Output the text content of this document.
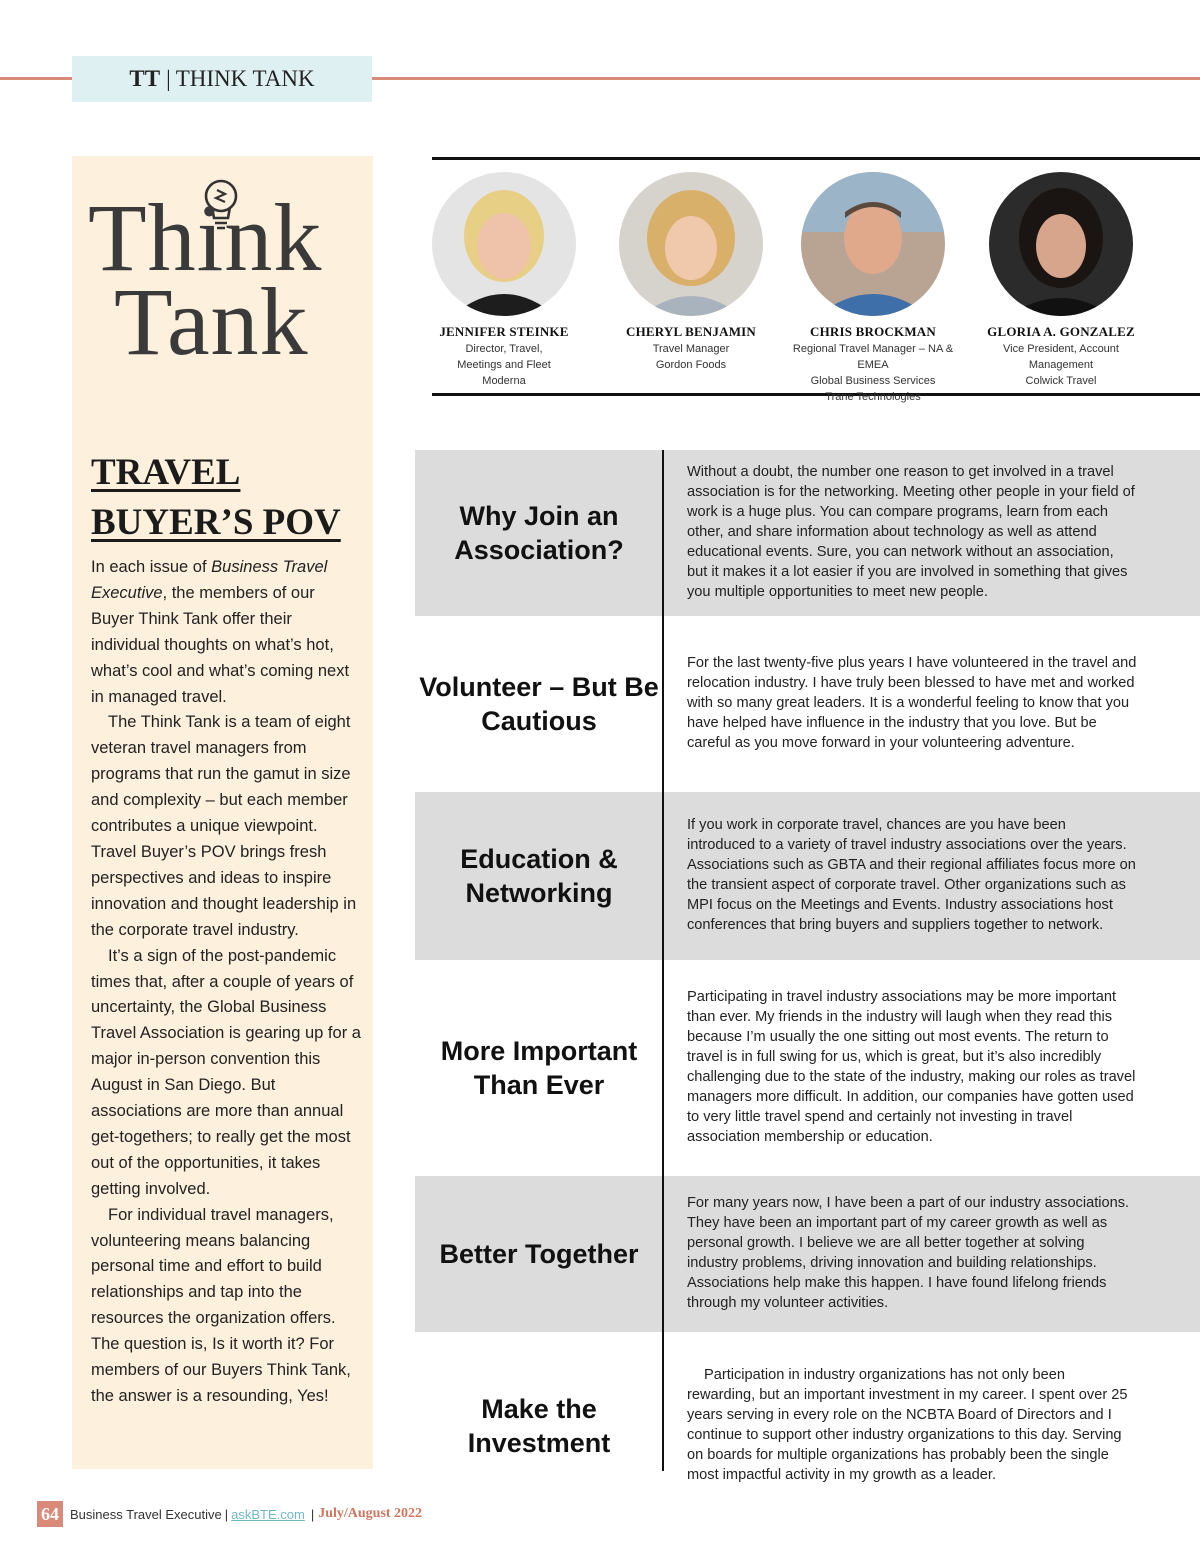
TT | THINK TANK
Think
Tank
TRAVEL
BUYER’S POV

In each issue of Business Travel Executive, the members of our Buyer Think Tank offer their individual thoughts on what’s hot, what’s cool and what’s coming next in managed travel.

The Think Tank is a team of eight veteran travel managers from programs that run the gamut in size and complexity – but each member contributes a unique viewpoint. Travel Buyer’s POV brings fresh perspectives and ideas to inspire innovation and thought leadership in the corporate travel industry.

It’s a sign of the post-pandemic times that, after a couple of years of uncertainty, the Global Business Travel Association is gearing up for a major in-person convention this August in San Diego. But associations are more than annual get-togethers; to really get the most out of the opportunities, it takes getting involved.

For individual travel managers, volunteering means balancing personal time and effort to build relationships and tap into the resources the organization offers. The question is, Is it worth it? For members of our Buyers Think Tank, the answer is a resounding, Yes!

JENNIFER STEINKE
Director, Travel,
Meetings and Fleet
Moderna
CHERYL BENJAMIN
Travel Manager
Gordon Foods
CHRIS BROCKMAN
Regional Travel Manager – NA & EMEA
Global Business Services
Trane Technologies
GLORIA A. GONZALEZ
Vice President, Account
Management
Colwick Travel
Why Join an Association?
Without a doubt, the number one reason to get involved in a travel association is for the networking. Meeting other people in your field of work is a huge plus. You can compare programs, learn from each other, and share information about technology as well as attend educational events. Sure, you can network without an association, but it makes it a lot easier if you are involved in something that gives you multiple opportunities to meet new people.
Volunteer – But Be Cautious
For the last twenty-five plus years I have volunteered in the travel and relocation industry. I have truly been blessed to have met and worked with so many great leaders. It is a wonderful feeling to know that you have helped have influence in the industry that you love. But be careful as you move forward in your volunteering adventure.
Education & Networking
If you work in corporate travel, chances are you have been introduced to a variety of travel industry associations over the years. Associations such as GBTA and their regional affiliates focus more on the transient aspect of corporate travel. Other organizations such as MPI focus on the Meetings and Events. Industry associations host conferences that bring buyers and suppliers together to network.
More Important Than Ever
Participating in travel industry associations may be more important than ever. My friends in the industry will laugh when they read this because I’m usually the one sitting out most events. The return to travel is in full swing for us, which is great, but it’s also incredibly challenging due to the state of the industry, making our roles as travel managers more difficult. In addition, our companies have gotten used to very little travel spend and certainly not investing in travel association membership or education.
Better Together
For many years now, I have been a part of our industry associations. They have been an important part of my career growth as well as personal growth. I believe we are all better together at solving industry problems, driving innovation and building relationships. Associations help make this happen. I have found lifelong friends through my volunteer activities.
Make the Investment
Participation in industry organizations has not only been rewarding, but an important investment in my career. I spent over 25 years serving in every role on the NCBTA Board of Directors and I continue to support other industry organizations to this day. Serving on boards for multiple organizations has probably been the single most impactful activity in my growth as a leader.
64 Business Travel Executive | askBTE.com | July/August 2022
